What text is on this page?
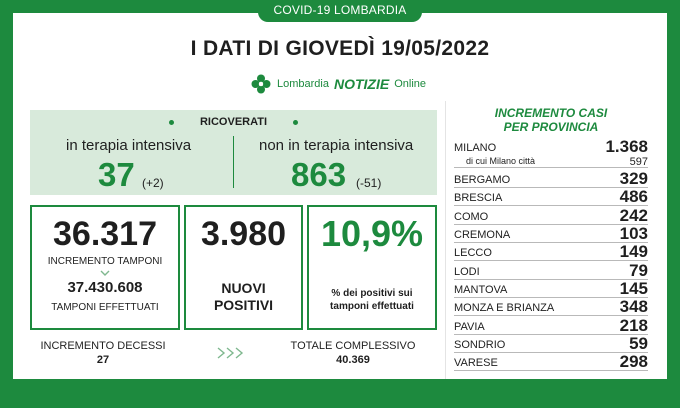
COVID-19 LOMBARDIA
I DATI DI GIOVEDÌ 19/05/2022
Lombardia NOTIZIE Online
RICOVERATI
in terapia intensiva
37 (+2)
non in terapia intensiva
863 (-51)
36.317
INCREMENTO TAMPONI
37.430.608
TAMPONI EFFETTUATI
3.980
NUOVI
POSITIVI
10,9%
% dei positivi sui
tamponi effettuati
INCREMENTO DECESSI
27
TOTALE COMPLESSIVO
40.369
INCREMENTO CASI
PER PROVINCIA
MILANO	1.368
di cui Milano città	597
BERGAMO	329
BRESCIA	486
COMO	242
CREMONA	103
LECCO	149
LODI	79
MANTOVA	145
MONZA E BRIANZA	348
PAVIA	218
SONDRIO	59
VARESE	298
